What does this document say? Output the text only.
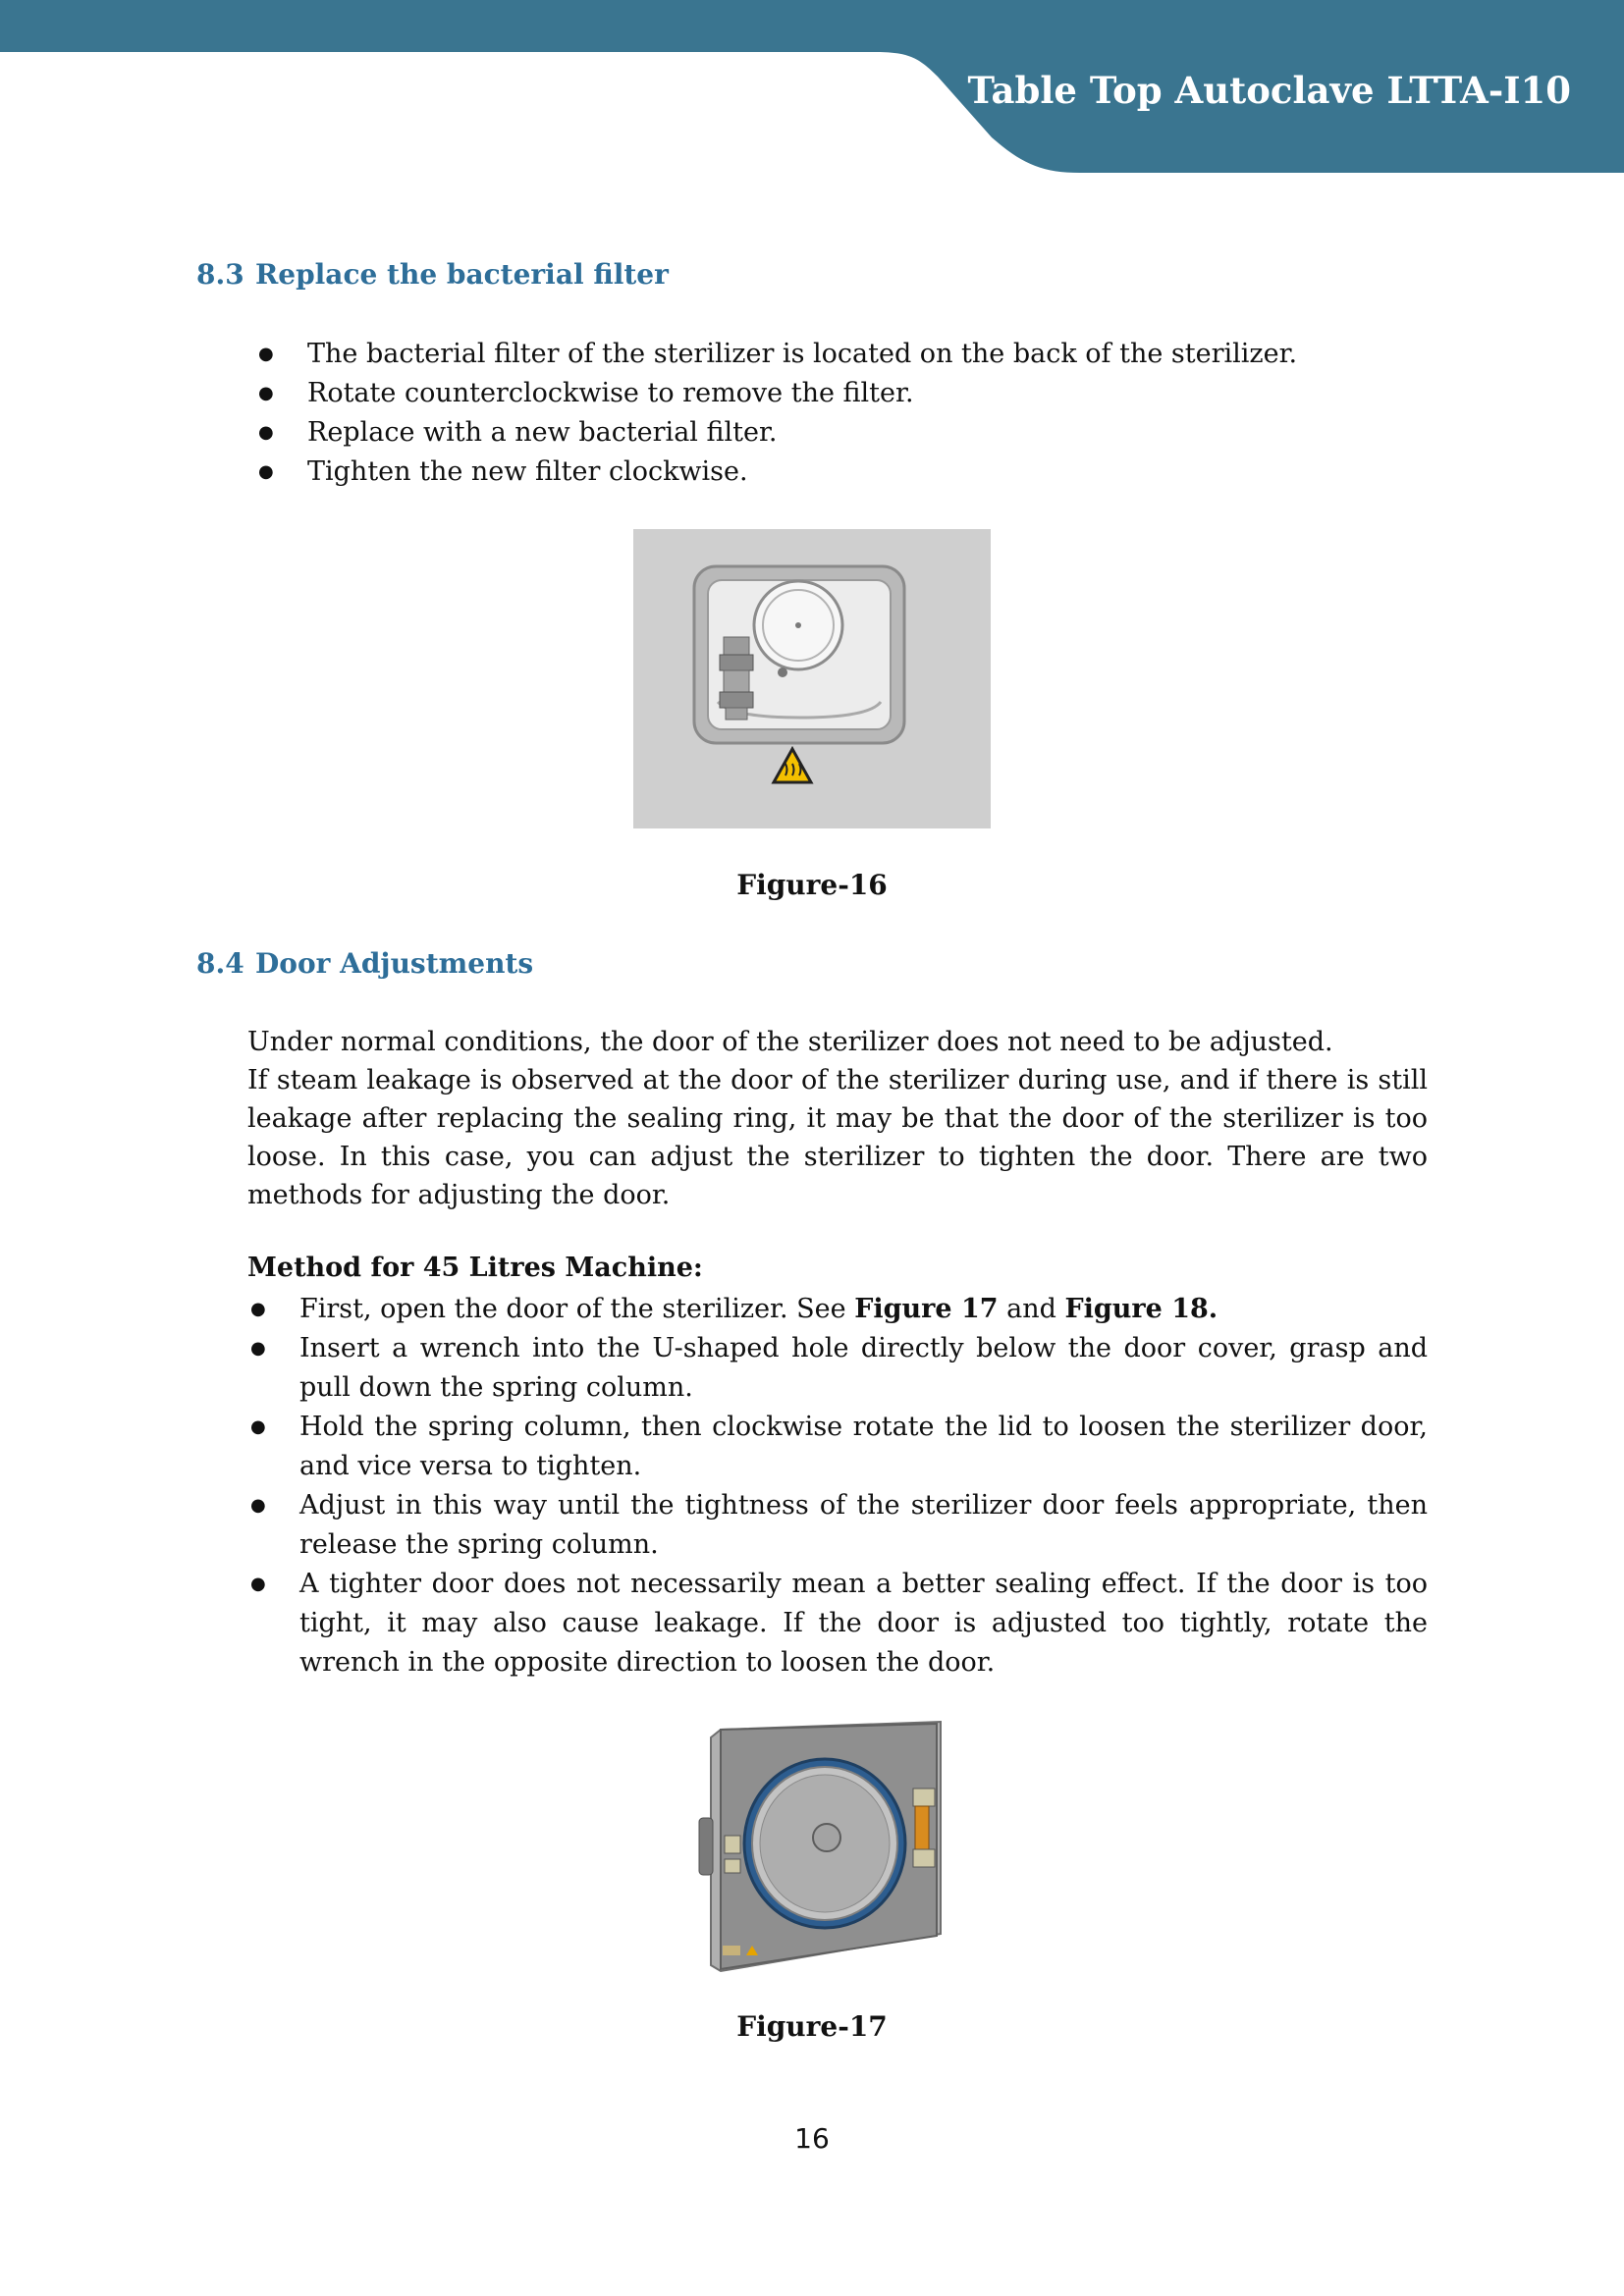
Table Top Autoclave LTTA-I10
8.3 Replace the bacterial filter
● The bacterial filter of the sterilizer is located on the back of the sterilizer.
● Rotate counterclockwise to remove the filter.
● Replace with a new bacterial filter.
● Tighten the new filter clockwise.
Figure-16
8.4 Door Adjustments
Under normal conditions, the door of the sterilizer does not need to be adjusted.
If steam leakage is observed at the door of the sterilizer during use, and if there is still leakage after replacing the sealing ring, it may be that the door of the sterilizer is too loose. In this case, you can adjust the sterilizer to tighten the door. There are two methods for adjusting the door.
Method for 45 Litres Machine:
● First, open the door of the sterilizer. See Figure 17 and Figure 18.
● Insert a wrench into the U-shaped hole directly below the door cover, grasp and pull down the spring column.
● Hold the spring column, then clockwise rotate the lid to loosen the sterilizer door, and vice versa to tighten.
● Adjust in this way until the tightness of the sterilizer door feels appropriate, then release the spring column.
● A tighter door does not necessarily mean a better sealing effect. If the door is too tight, it may also cause leakage. If the door is adjusted too tightly, rotate the wrench in the opposite direction to loosen the door.
Figure-17
16
